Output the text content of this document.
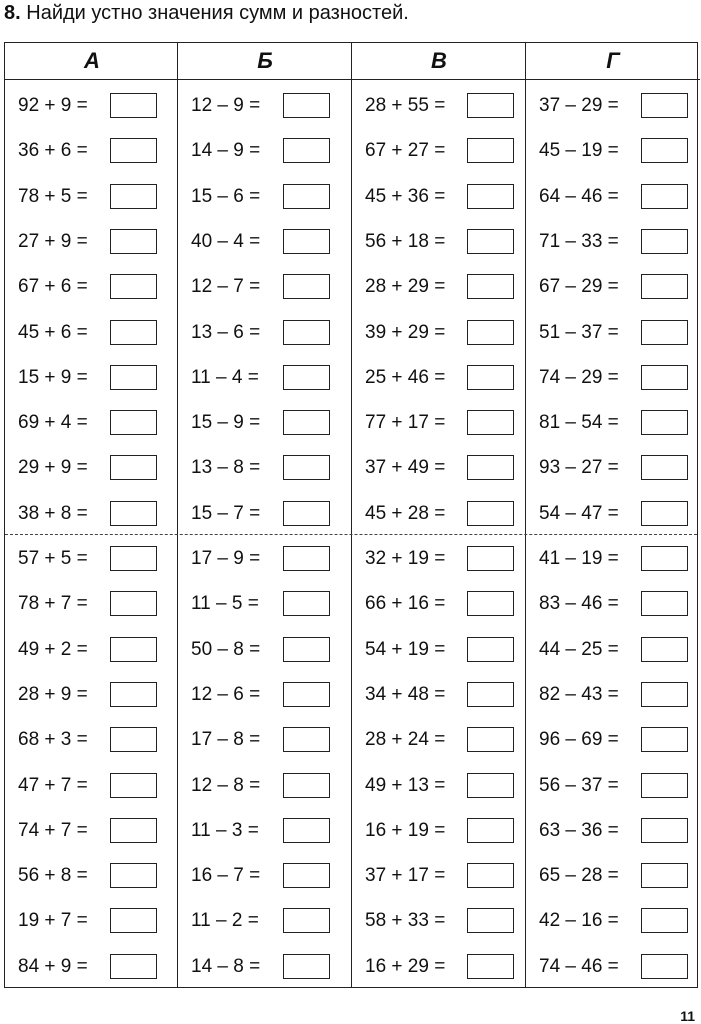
8. Найди устно значения сумм и разностей.
А
92 + 9 =
36 + 6 =
78 + 5 =
27 + 9 =
67 + 6 =
45 + 6 =
15 + 9 =
69 + 4 =
29 + 9 =
38 + 8 =
57 + 5 =
78 + 7 =
49 + 2 =
28 + 9 =
68 + 3 =
47 + 7 =
74 + 7 =
56 + 8 =
19 + 7 =
84 + 9 =
Б
12 – 9 =
14 – 9 =
15 – 6 =
40 – 4 =
12 – 7 =
13 – 6 =
11 – 4 =
15 – 9 =
13 – 8 =
15 – 7 =
17 – 9 =
11 – 5 =
50 – 8 =
12 – 6 =
17 – 8 =
12 – 8 =
11 – 3 =
16 – 7 =
11 – 2 =
14 – 8 =
В
28 + 55 =
67 + 27 =
45 + 36 =
56 + 18 =
28 + 29 =
39 + 29 =
25 + 46 =
77 + 17 =
37 + 49 =
45 + 28 =
32 + 19 =
66 + 16 =
54 + 19 =
34 + 48 =
28 + 24 =
49 + 13 =
16 + 19 =
37 + 17 =
58 + 33 =
16 + 29 =
Г
37 – 29 =
45 – 19 =
64 – 46 =
71 – 33 =
67 – 29 =
51 – 37 =
74 – 29 =
81 – 54 =
93 – 27 =
54 – 47 =
41 – 19 =
83 – 46 =
44 – 25 =
82 – 43 =
96 – 69 =
56 – 37 =
63 – 36 =
65 – 28 =
42 – 16 =
74 – 46 =
11
